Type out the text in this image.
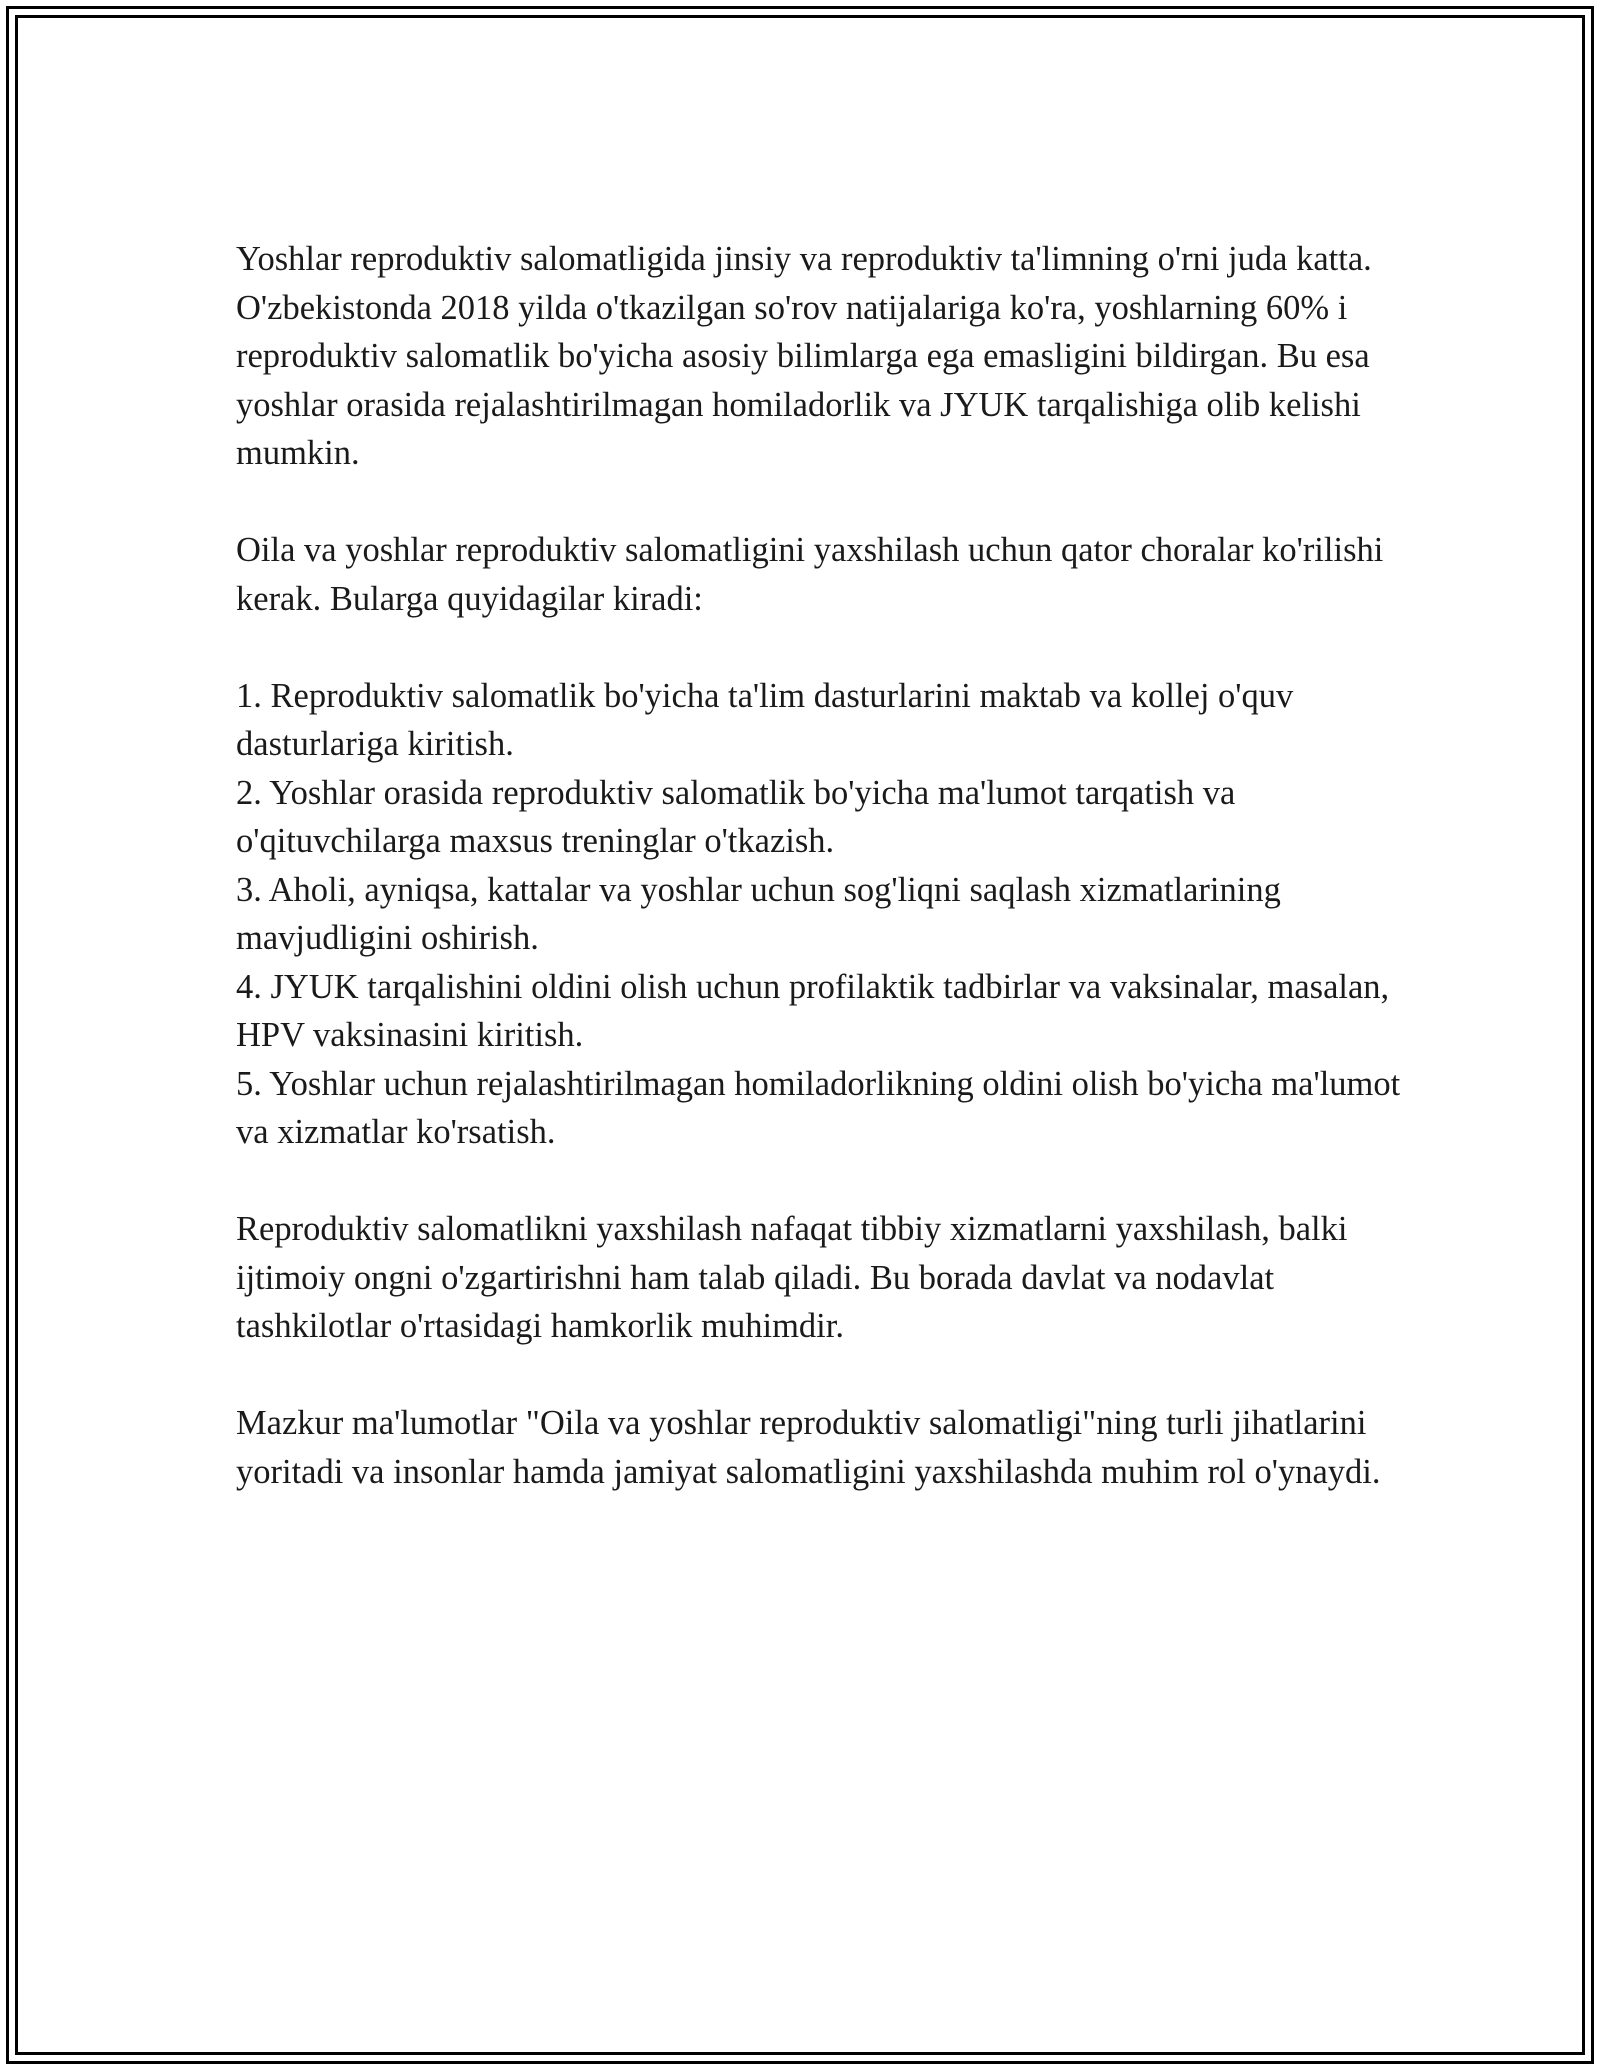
Yoshlar reproduktiv salomatligida jinsiy va reproduktiv ta'limning o'rni juda katta. O'zbekistonda 2018 yilda o'tkazilgan so'rov natijalariga ko'ra, yoshlarning 60% i reproduktiv salomatlik bo'yicha asosiy bilimlarga ega emasligini bildirgan. Bu esa yoshlar orasida rejalashtirilmagan homiladorlik va JYUK tarqalishiga olib kelishi mumkin.

Oila va yoshlar reproduktiv salomatligini yaxshilash uchun qator choralar ko'rilishi kerak. Bularga quyidagilar kiradi:

1. Reproduktiv salomatlik bo'yicha ta'lim dasturlarini maktab va kollej o'quv dasturlariga kiritish.
2. Yoshlar orasida reproduktiv salomatlik bo'yicha ma'lumot tarqatish va o'qituvchilarga maxsus treninglar o'tkazish.
3. Aholi, ayniqsa, kattalar va yoshlar uchun sog'liqni saqlash xizmatlarining mavjudligini oshirish.
4. JYUK tarqalishini oldini olish uchun profilaktik tadbirlar va vaksinalar, masalan, HPV vaksinasini kiritish.
5. Yoshlar uchun rejalashtirilmagan homiladorlikning oldini olish bo'yicha ma'lumot va xizmatlar ko'rsatish.

Reproduktiv salomatlikni yaxshilash nafaqat tibbiy xizmatlarni yaxshilash, balki ijtimoiy ongni o'zgartirishni ham talab qiladi. Bu borada davlat va nodavlat tashkilotlar o'rtasidagi hamkorlik muhimdir.

Mazkur ma'lumotlar "Oila va yoshlar reproduktiv salomatligi"ning turli jihatlarini yoritadi va insonlar hamda jamiyat salomatligini yaxshilashda muhim rol o'ynaydi.
